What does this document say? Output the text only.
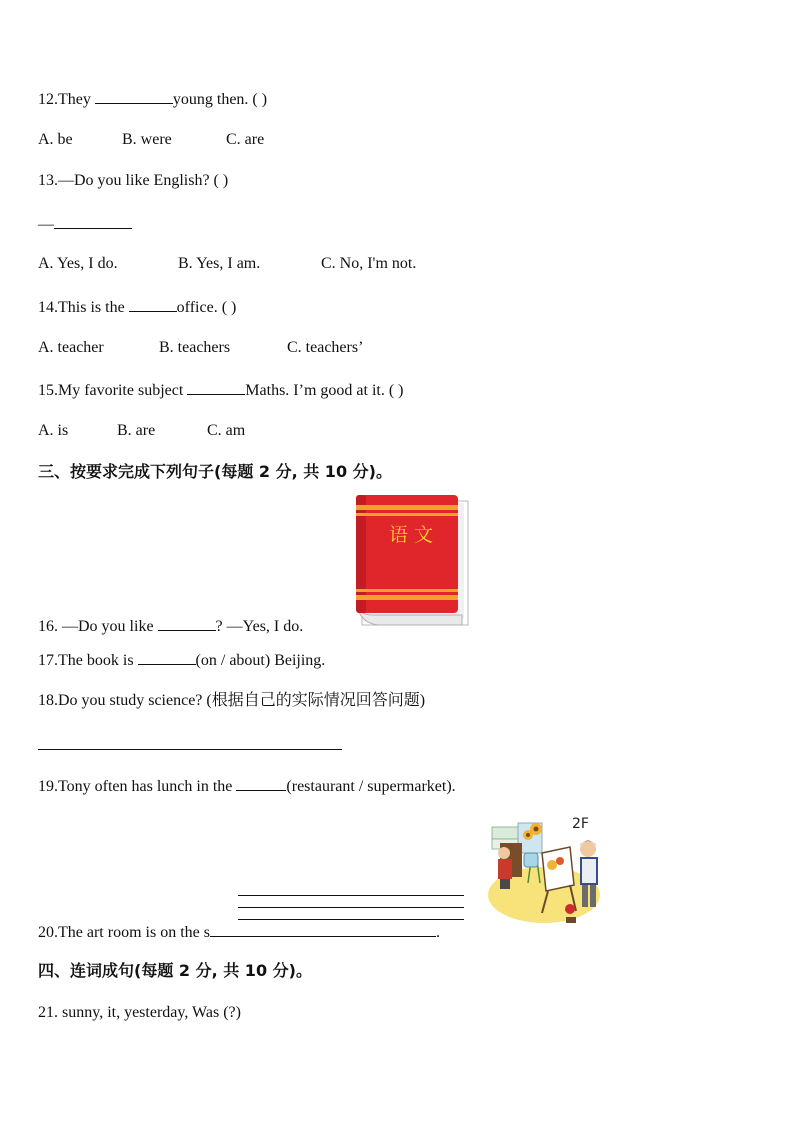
12.They	young then. ( )
A. be	B. were	C. are
13.—Do you like English? ( )
—
A. Yes, I do.	B. Yes, I am.	C. No, I'm not.
14.This is the	office. ( )
A. teacher	B. teachers	C. teachers’
15.My favorite subject	Maths. I’m good at it. ( )
A. is	B. are	C. am
三、按要求完成下列句子(每题 2 分, 共 10 分)。
语 文
16. —Do you like	? —Yes, I do.
17.The book is	(on / about) Beijing.
18.Do you study science? (根据自己的实际情况回答问题)
19.Tony often has lunch in the	(restaurant / supermarket).
2F
20.The art room is on the s	.
四、连词成句(每题 2 分, 共 10 分)。
21. sunny, it, yesterday, Was (?)
